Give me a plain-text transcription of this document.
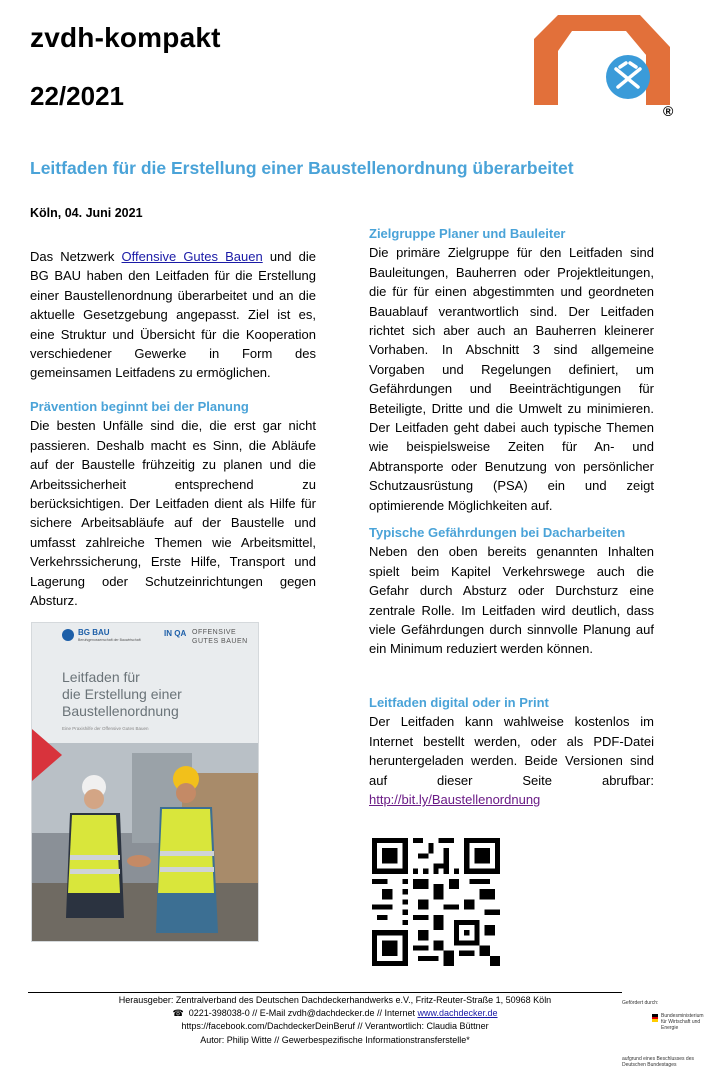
zvdh-kompakt
22/2021	®
Leitfaden für die Erstellung einer Baustellenordnung überarbeitet
Köln, 04. Juni 2021

Das Netzwerk Offensive Gutes Bauen und die BG BAU haben den Leitfaden für die Erstellung einer Baustellenordnung überarbeitet und an die aktuelle Gesetzgebung angepasst. Ziel ist es, eine Struktur und Übersicht für die Kooperation verschiedener Gewerke in Form des gemeinsamen Leitfadens zu ermöglichen.

Prävention beginnt bei der Planung

Die besten Unfälle sind die, die erst gar nicht passieren. Deshalb macht es Sinn, die Abläufe auf der Baustelle frühzeitig zu planen und die Arbeitssicherheit entsprechend zu berücksichtigen. Der Leitfaden dient als Hilfe für sichere Arbeitsabläufe auf der Baustelle und umfasst zahlreiche Themen wie Arbeitsmittel, Verkehrssicherung, Erste Hilfe, Transport und Lagerung oder Schutzeinrichtungen gegen Absturz.

BG BAU
Berufsgenossenschaft der Bauwirtschaft
IN QA OFFENSIVE
GUTES BAUEN
Leitfaden für
die Erstellung einer
Baustellenordnung
Eine Praxishilfe der Offensive Gutes Bauen
Zielgruppe Planer und Bauleiter

Die primäre Zielgruppe für den Leitfaden sind Bauleitungen, Bauherren oder Projektleitungen, die für für einen abgestimmten und geordneten Bauablauf verantwortlich sind. Der Leitfaden richtet sich aber auch an Bauherren kleinerer Vorhaben. In Abschnitt 3 sind allgemeine Vorgaben und Regelungen definiert, um Gefährdungen und Beeinträchtigungen für Beteiligte, Dritte und die Umwelt zu minimieren. Der Leitfaden geht dabei auch typische Themen wie beispielsweise Zeiten für An- und Abtransporte oder Benutzung von persönlicher Schutzausrüstung (PSA) ein und zeigt optimierende Möglichkeiten auf.

Typische Gefährdungen bei Dacharbeiten

Neben den oben bereits genannten Inhalten spielt beim Kapitel Verkehrswege auch die Gefahr durch Absturz oder Durchsturz eine zentrale Rolle. Im Leitfaden wird deutlich, dass viele Gefährdungen durch sinnvolle Planung auf ein Minimum reduziert werden können.

Leitfaden digital oder in Print

Der Leitfaden kann wahlweise kostenlos im Internet bestellt werden, oder als PDF-Datei heruntergeladen werden. Beide Versionen sind auf dieser Seite abrufbar: http://bit.ly/Baustellenordnung

Herausgeber: Zentralverband des Deutschen Dachdeckerhandwerks e.V., Fritz-Reuter-Straße 1, 50968 Köln
☎ 0221-398038-0 // E-Mail zvdh@dachdecker.de // Internet www.dachdecker.de
https://facebook.com/DachdeckerDeinBeruf // Verantwortlich: Claudia Büttner
Autor: Philip Witte // Gewerbespezifische Informationstransferstelle*
Gefördert durch:
Bundesministerium für Wirtschaft und Energie
aufgrund eines Beschlusses des Deutschen Bundestages
